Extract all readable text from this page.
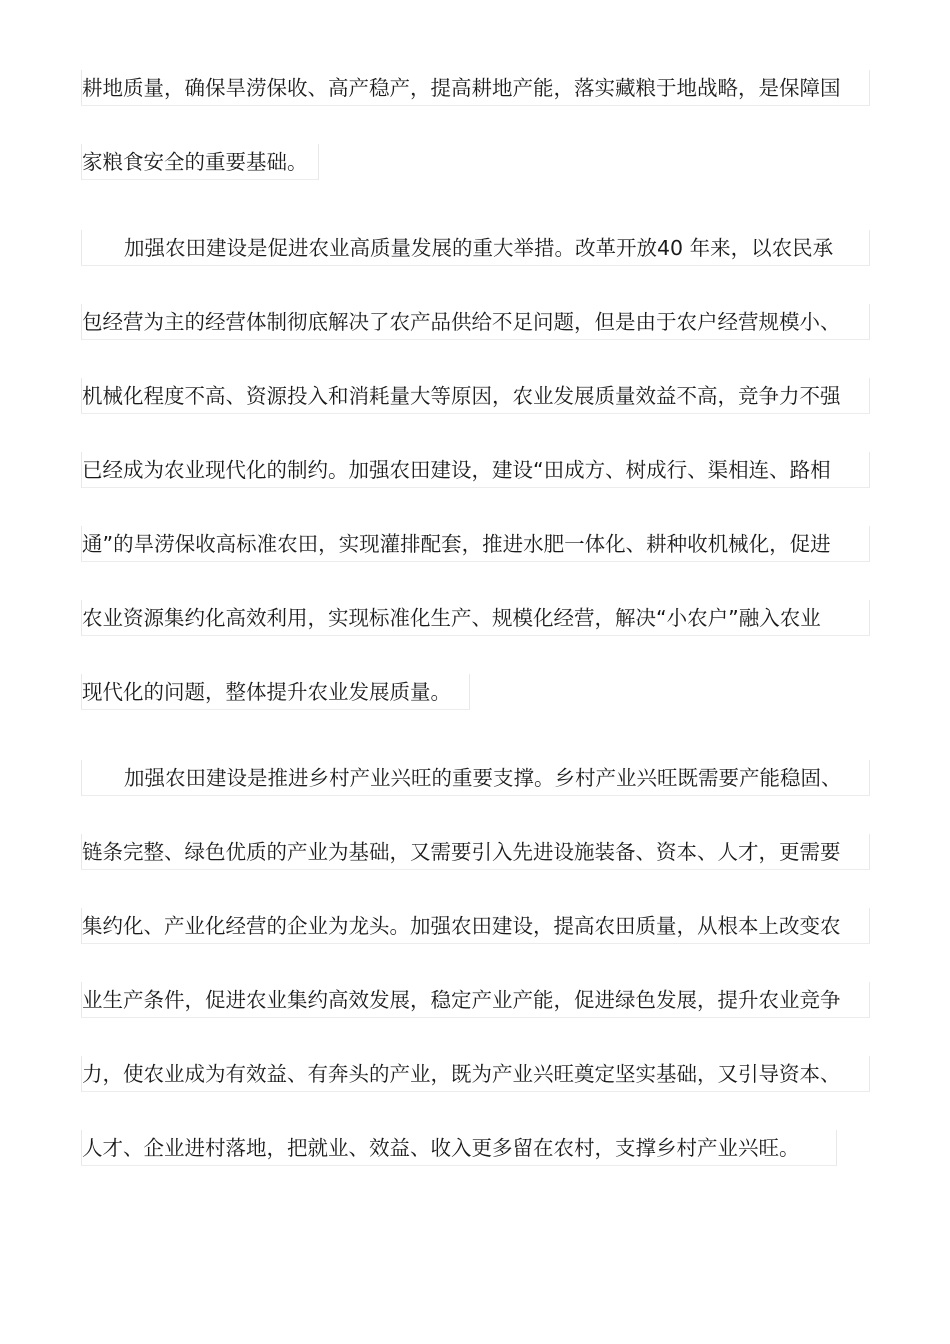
耕地质量，确保旱涝保收、高产稳产，提高耕地产能，落实藏粮于地战略，是保障国
家粮食安全的重要基础。
加强农田建设是促进农业高质量发展的重大举措。改革开放40 年来，以农民承
包经营为主的经营体制彻底解决了农产品供给不足问题，但是由于农户经营规模小、
机械化程度不高、资源投入和消耗量大等原因，农业发展质量效益不高，竞争力不强
已经成为农业现代化的制约。加强农田建设，建设“田成方、树成行、渠相连、路相
通”的旱涝保收高标准农田，实现灌排配套，推进水肥一体化、耕种收机械化，促进
农业资源集约化高效利用，实现标准化生产、规模化经营，解决“小农户”融入农业
现代化的问题，整体提升农业发展质量。
加强农田建设是推进乡村产业兴旺的重要支撑。乡村产业兴旺既需要产能稳固、
链条完整、绿色优质的产业为基础，又需要引入先进设施装备、资本、人才，更需要
集约化、产业化经营的企业为龙头。加强农田建设，提高农田质量，从根本上改变农
业生产条件，促进农业集约高效发展，稳定产业产能，促进绿色发展，提升农业竞争
力，使农业成为有效益、有奔头的产业，既为产业兴旺奠定坚实基础，又引导资本、
人才、企业进村落地，把就业、效益、收入更多留在农村，支撑乡村产业兴旺。
